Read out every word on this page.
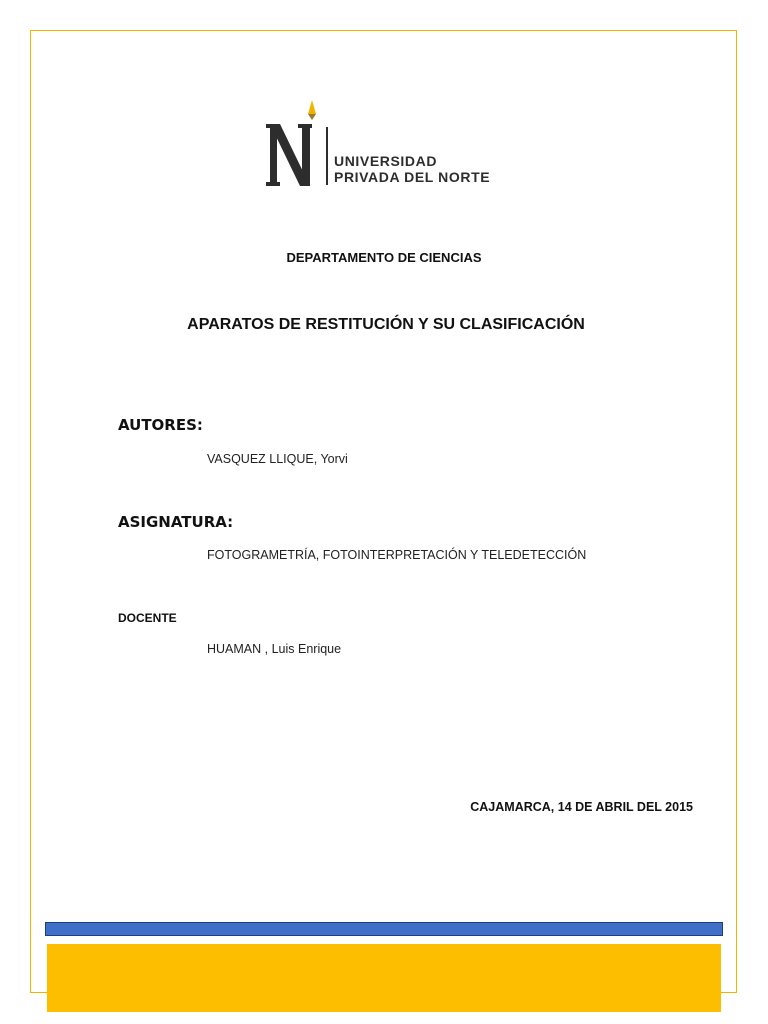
UNIVERSIDAD
PRIVADA DEL NORTE
DEPARTAMENTO DE CIENCIAS
APARATOS DE RESTITUCIÓN Y SU CLASIFICACIÓN
AUTORES:
VASQUEZ LLIQUE, Yorvi
ASIGNATURA:
FOTOGRAMETRÍA, FOTOINTERPRETACIÓN Y TELEDETECCIÓN
DOCENTE
HUAMAN , Luis Enrique
CAJAMARCA, 14 DE ABRIL DEL 2015
